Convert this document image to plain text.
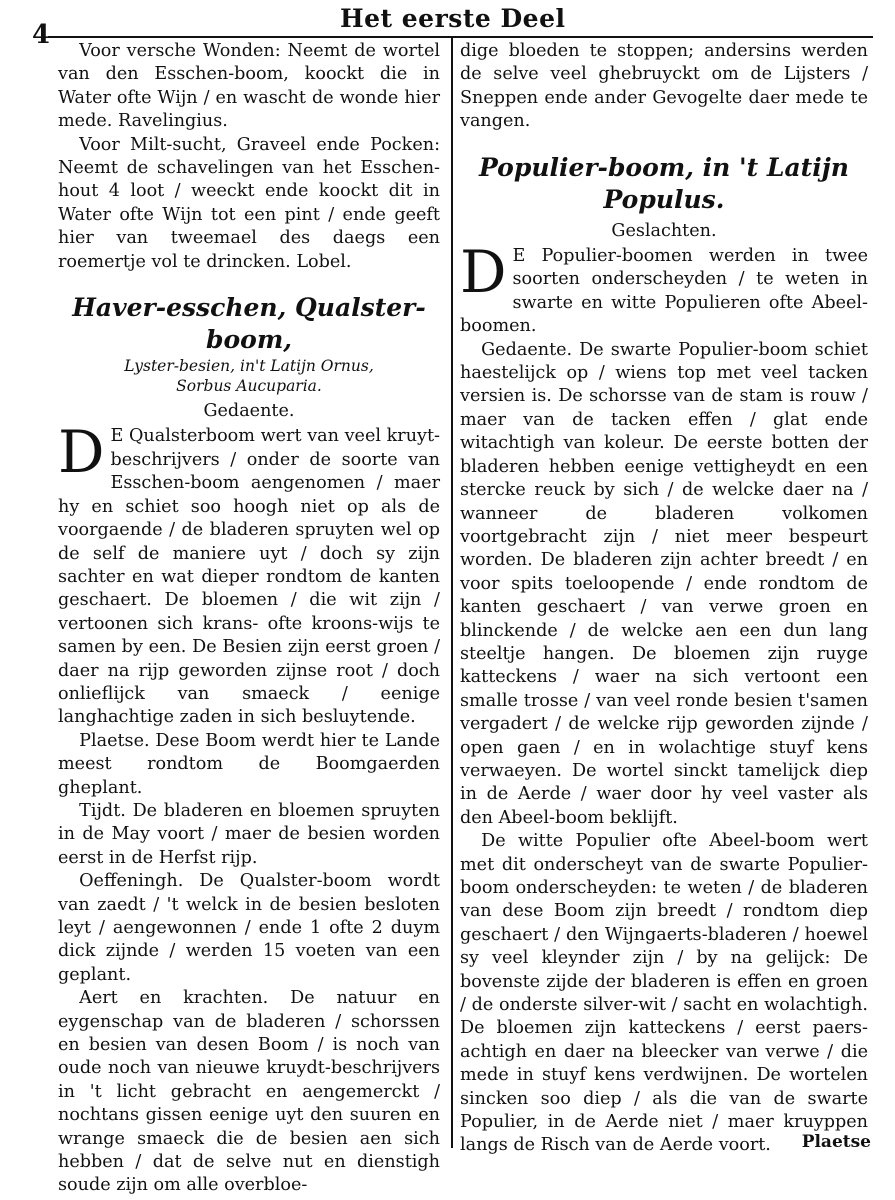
4
Het eerste Deel

Voor versche Wonden: Neemt de wortel van den Esschen-boom, koockt die in Water ofte Wijn / en wascht de wonde hier mede. Ravelingius.

Voor Milt-sucht, Graveel ende Pocken: Neemt de schavelingen van het Esschen-hout 4 loot / weeckt ende koockt dit in Water ofte Wijn tot een pint / ende geeft hier van tweemael des daegs een roemertje vol te drincken. Lobel.

Haver-esschen, Qualster-boom,
Lyster-besien, in't Latijn Ornus,
Sorbus Aucuparia.
Gedaente.
D E Qualsterboom wert van veel kruyt-beschrijvers / onder de soorte van Esschen-boom aengenomen / maer hy en schiet soo hoogh niet op als de voorgaende / de bladeren spruyten wel op de self de maniere uyt / doch sy zijn sachter en wat dieper rondtom de kanten geschaert. De bloemen / die wit zijn / vertoonen sich krans- ofte kroons-wijs te samen by een. De Besien zijn eerst groen / daer na rijp geworden zijnse root / doch onlieflijck van smaeck / eenige langhachtige zaden in sich besluytende.

Plaetse. Dese Boom werdt hier te Lande meest rondtom de Boomgaerden gheplant.

Tijdt. De bladeren en bloemen spruyten in de May voort / maer de besien worden eerst in de Herfst rijp.

Oeffeningh. De Qualster-boom wordt van zaedt / 't welck in de besien besloten leyt / aengewonnen / ende 1 ofte 2 duym dick zijnde / werden 15 voeten van een geplant.

Aert en krachten. De natuur en eygenschap van de bladeren / schorssen en besien van desen Boom / is noch van oude noch van nieuwe kruydt-beschrijvers in 't licht gebracht en aengemerckt / nochtans gissen eenige uyt den suuren en wrange smaeck die de besien aen sich hebben / dat de selve nut en dienstigh soude zijn om alle overbloe-

dige bloeden te stoppen; andersins werden de selve veel ghebruyckt om de Lijsters / Sneppen ende ander Gevogelte daer mede te vangen.

Populier-boom, in 't Latijn Populus.
Geslachten.
D E Populier-boomen werden in twee soorten onderscheyden / te weten in swarte en witte Populieren ofte Abeel-boomen.

Gedaente. De swarte Populier-boom schiet haestelijck op / wiens top met veel tacken versien is. De schorsse van de stam is rouw / maer van de tacken effen / glat ende witachtigh van koleur. De eerste botten der bladeren hebben eenige vettigheydt en een stercke reuck by sich / de welcke daer na / wanneer de bladeren volkomen voortgebracht zijn / niet meer bespeurt worden. De bladeren zijn achter breedt / en voor spits toeloopende / ende rondtom de kanten geschaert / van verwe groen en blinckende / de welcke aen een dun lang steeltje hangen. De bloemen zijn ruyge katteckens / waer na sich vertoont een smalle trosse / van veel ronde besien t'samen vergadert / de welcke rijp geworden zijnde / open gaen / en in wolachtige stuyf kens verwaeyen. De wortel sinckt tamelijck diep in de Aerde / waer door hy veel vaster als den Abeel-boom beklijft.

De witte Populier ofte Abeel-boom wert met dit onderscheyt van de swarte Populier-boom onderscheyden: te weten / de bladeren van dese Boom zijn breedt / rondtom diep geschaert / den Wijngaerts-bladeren / hoewel sy veel kleynder zijn / by na gelijck: De bovenste zijde der bladeren is effen en groen / de onderste silver-wit / sacht en wolachtigh. De bloemen zijn katteckens / eerst paers-achtigh en daer na bleecker van verwe / die mede in stuyf kens verdwijnen. De wortelen sincken soo diep / als die van de swarte Populier, in de Aerde niet / maer kruyppen langs de Risch van de Aerde voort.	Plaetse
